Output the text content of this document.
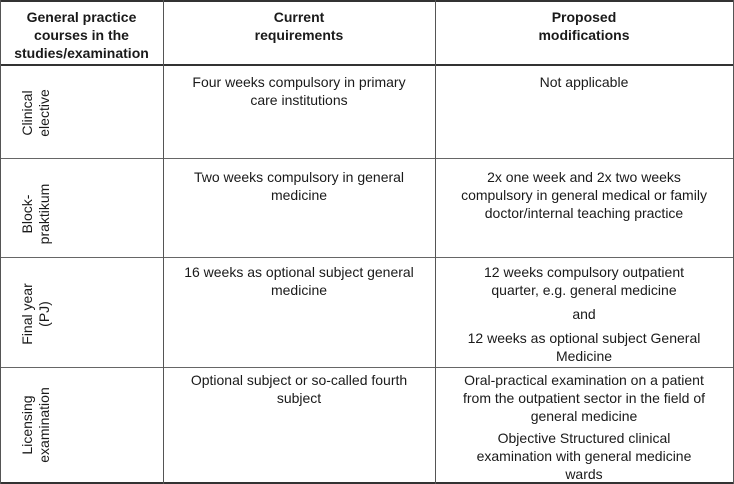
General practice
courses in the
studies/examination
Current
requirements
Proposed
modifications
Clinical elective
Four weeks compulsory in primary
care institutions
Not applicable
Block- praktikum
Two weeks compulsory in general
medicine
2x one week and 2x two weeks
compulsory in general medical or family
doctor/internal teaching practice
Final year (PJ)
16 weeks as optional subject general
medicine
12 weeks compulsory outpatient
quarter, e.g. general medicine
and
12 weeks as optional subject General
Medicine
Licensing examination
Optional subject or so-called fourth
subject
Oral-practical examination on a patient
from the outpatient sector in the field of
general medicine
Objective Structured clinical
examination with general medicine
wards
